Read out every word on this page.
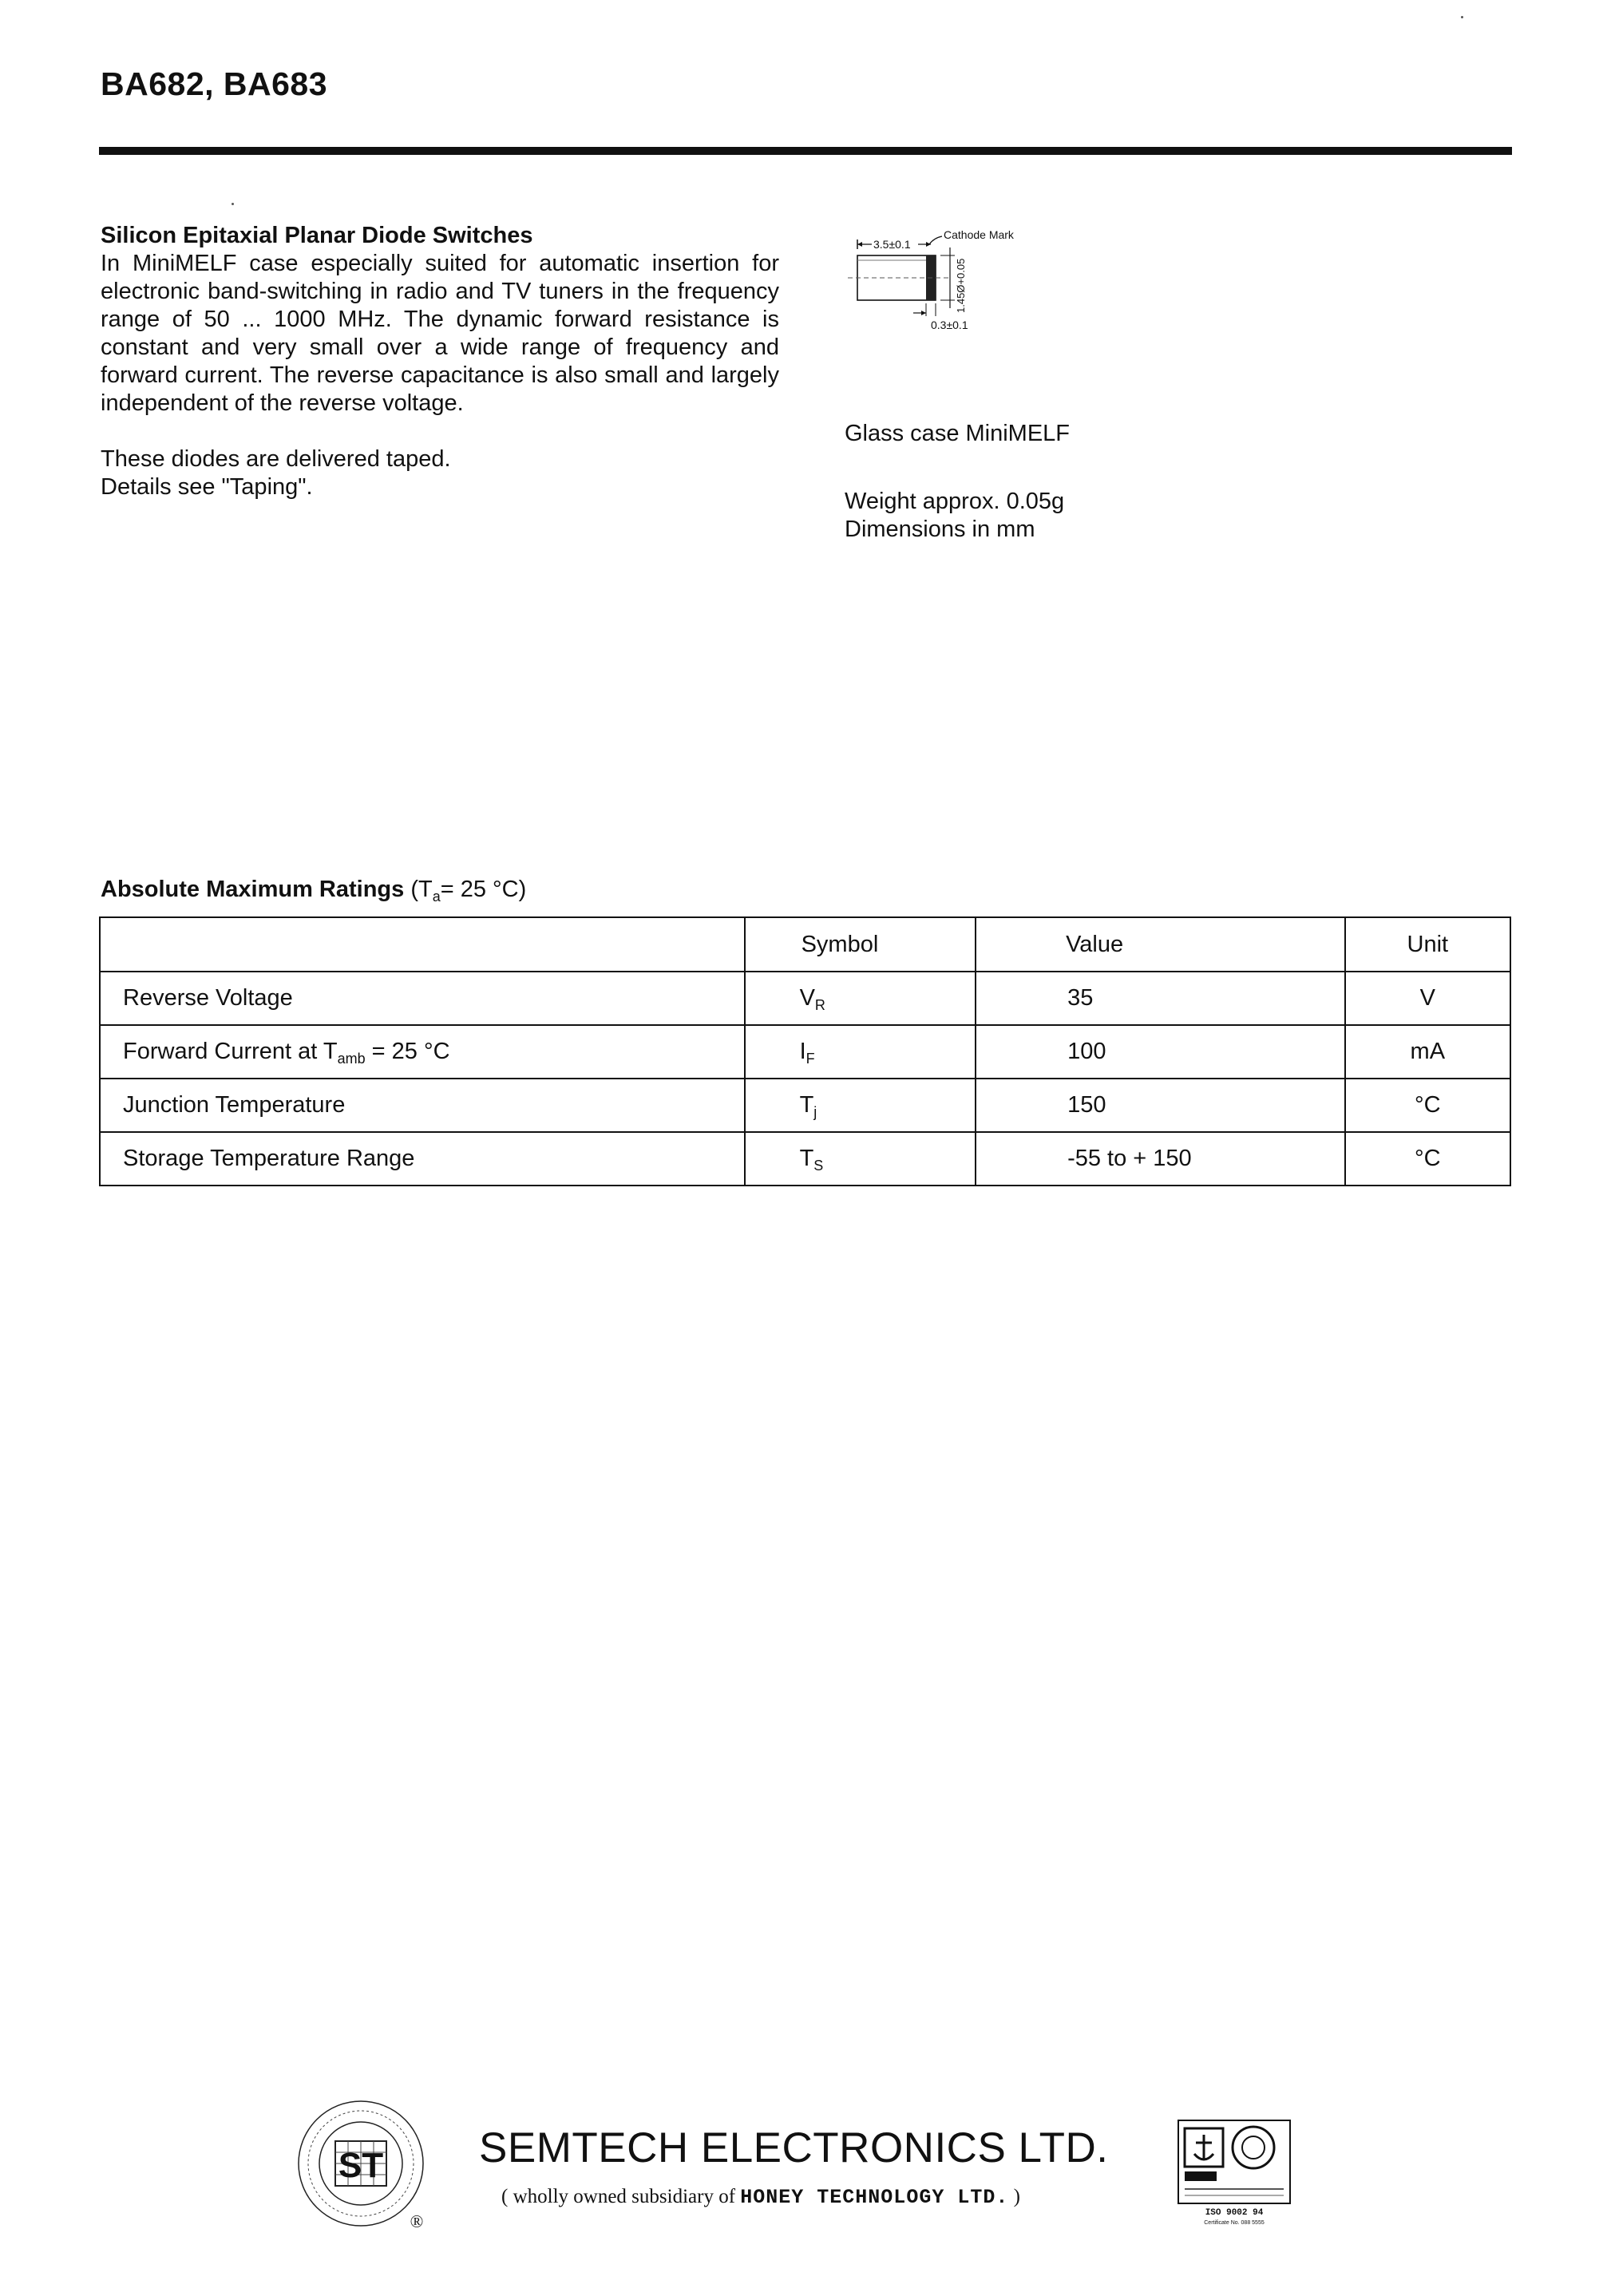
BA682, BA683
Silicon Epitaxial Planar Diode Switches
In MiniMELF case especially suited for automatic insertion for electronic band-switching in radio and TV tuners in the frequency range of 50 ... 1000 MHz. The dynamic forward resistance is constant and very small over a wide range of frequency and forward current. The reverse capacitance is also small and largely independent of the reverse voltage.
These diodes are delivered taped.
Details see "Taping".
3.5±0.1
Cathode Mark
1.45Ø+0.05
0.3±0.1
Glass case MiniMELF
Weight approx. 0.05g
Dimensions in mm
Absolute Maximum Ratings ($T_a= 25$ °C)
	Symbol	Value	Unit
Reverse Voltage	$V_R$	35	V
Forward Current at $T_{amb} = 25$ °C	$I_F$	100	mA
Junction Temperature	$T_j$	150	°C
Storage Temperature Range	$T_S$	-55 to + 150	°C
ST
®
SEMTECH ELECTRONICS LTD.
( wholly owned subsidiary of HONEY TECHNOLOGY LTD. )
ISO 9002 94
Certificate No. 088 5555
